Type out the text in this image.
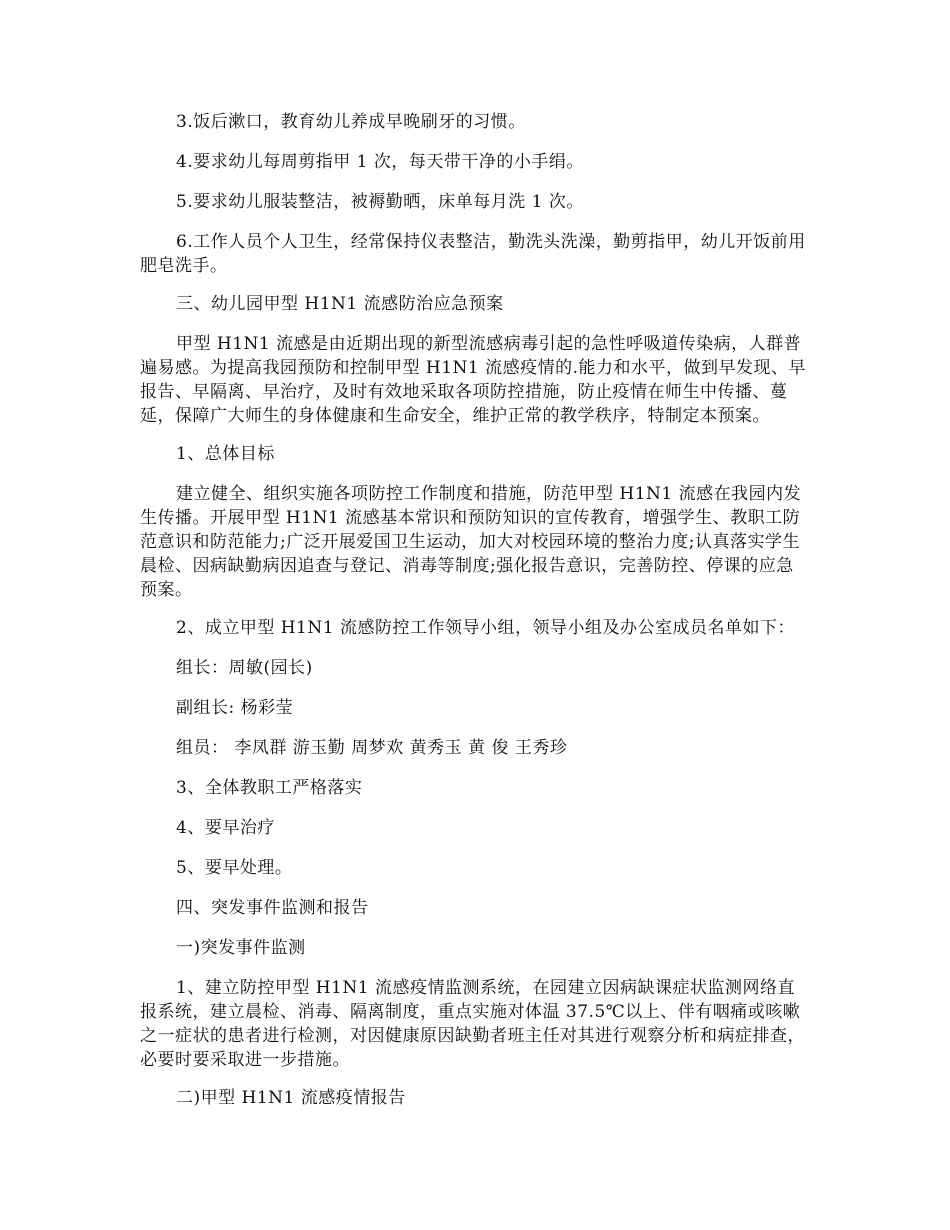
3.饭后漱口，教育幼儿养成早晚刷牙的习惯。

4.要求幼儿每周剪指甲 1 次，每天带干净的小手绢。

5.要求幼儿服装整洁，被褥勤晒，床单每月洗 1 次。

6.工作人员个人卫生，经常保持仪表整洁，勤洗头洗澡，勤剪指甲，幼儿开饭前用肥皂洗手。

三、幼儿园甲型 H1N1 流感防治应急预案

甲型 H1N1 流感是由近期出现的新型流感病毒引起的急性呼吸道传染病，人群普遍易感。为提高我园预防和控制甲型 H1N1 流感疫情的.能力和水平，做到早发现、早报告、早隔离、早治疗，及时有效地采取各项防控措施，防止疫情在师生中传播、蔓延，保障广大师生的身体健康和生命安全，维护正常的教学秩序，特制定本预案。

1、总体目标

建立健全、组织实施各项防控工作制度和措施，防范甲型 H1N1 流感在我园内发生传播。开展甲型 H1N1 流感基本常识和预防知识的宣传教育，增强学生、教职工防范意识和防范能力;广泛开展爱国卫生运动，加大对校园环境的整治力度;认真落实学生晨检、因病缺勤病因追查与登记、消毒等制度;强化报告意识，完善防控、停课的应急预案。

2、成立甲型 H1N1 流感防控工作领导小组，领导小组及办公室成员名单如下：

组长：周敏(园长)

副组长: 杨彩莹

组员： 李凤群 游玉勤 周梦欢 黄秀玉 黄 俊 王秀珍

3、全体教职工严格落实

4、要早治疗

5、要早处理。

四、突发事件监测和报告

一)突发事件监测

1、建立防控甲型 H1N1 流感疫情监测系统，在园建立因病缺课症状监测网络直报系统，建立晨检、消毒、隔离制度，重点实施对体温 37.5℃以上、伴有咽痛或咳嗽之一症状的患者进行检测，对因健康原因缺勤者班主任对其进行观察分析和病症排查，必要时要采取进一步措施。

二)甲型 H1N1 流感疫情报告
